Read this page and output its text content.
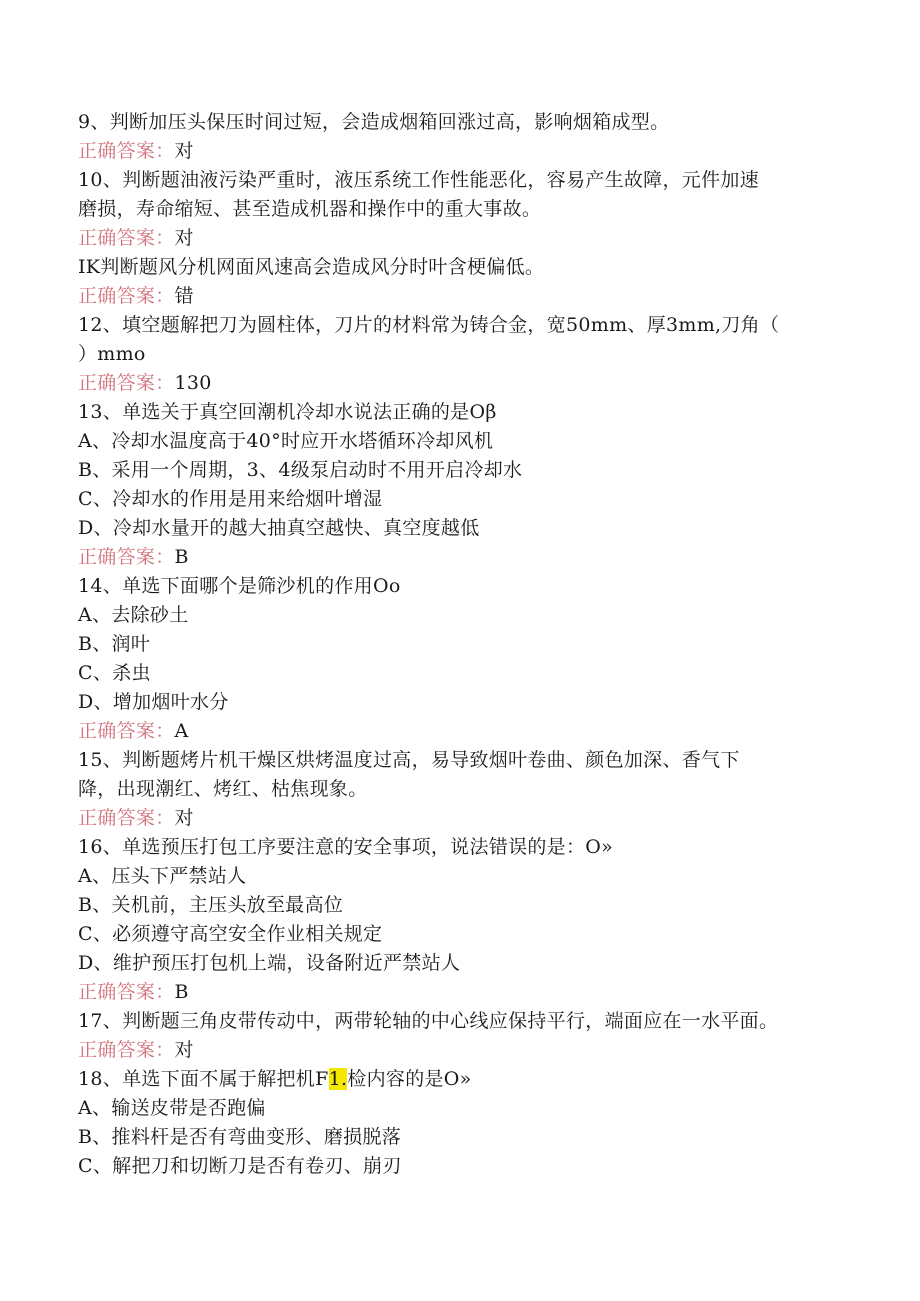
9、判断加压头保压时间过短，会造成烟箱回涨过高，影响烟箱成型。
正确答案：对
10、判断题油液污染严重时，液压系统工作性能恶化，容易产生故障，元件加速
磨损，寿命缩短、甚至造成机器和操作中的重大事故。
正确答案：对
IK判断题风分机网面风速高会造成风分时叶含梗偏低。
正确答案：错
12、填空题解把刀为圆柱体，刀片的材料常为铸合金，宽50mm、厚3mm,刀角（
）mmo
正确答案：130
13、单选关于真空回潮机冷却水说法正确的是Oβ
A、冷却水温度高于40°时应开水塔循环冷却风机
B、采用一个周期，3、4级泵启动时不用开启冷却水
C、冷却水的作用是用来给烟叶增湿
D、冷却水量开的越大抽真空越快、真空度越低
正确答案：B
14、单选下面哪个是筛沙机的作用Oo
A、去除砂土
B、润叶
C、杀虫
D、增加烟叶水分
正确答案：A
15、判断题烤片机干燥区烘烤温度过高，易导致烟叶卷曲、颜色加深、香气下
降，出现潮红、烤红、枯焦现象。
正确答案：对
16、单选预压打包工序要注意的安全事项，说法错误的是：O»
A、压头下严禁站人
B、关机前，主压头放至最高位
C、必须遵守高空安全作业相关规定
D、维护预压打包机上端，设备附近严禁站人
正确答案：B
17、判断题三角皮带传动中，两带轮轴的中心线应保持平行，端面应在一水平面。
正确答案：对
18、单选下面不属于解把机F1.检内容的是O»
A、输送皮带是否跑偏
B、推料杆是否有弯曲变形、磨损脱落
C、解把刀和切断刀是否有卷刃、崩刃
